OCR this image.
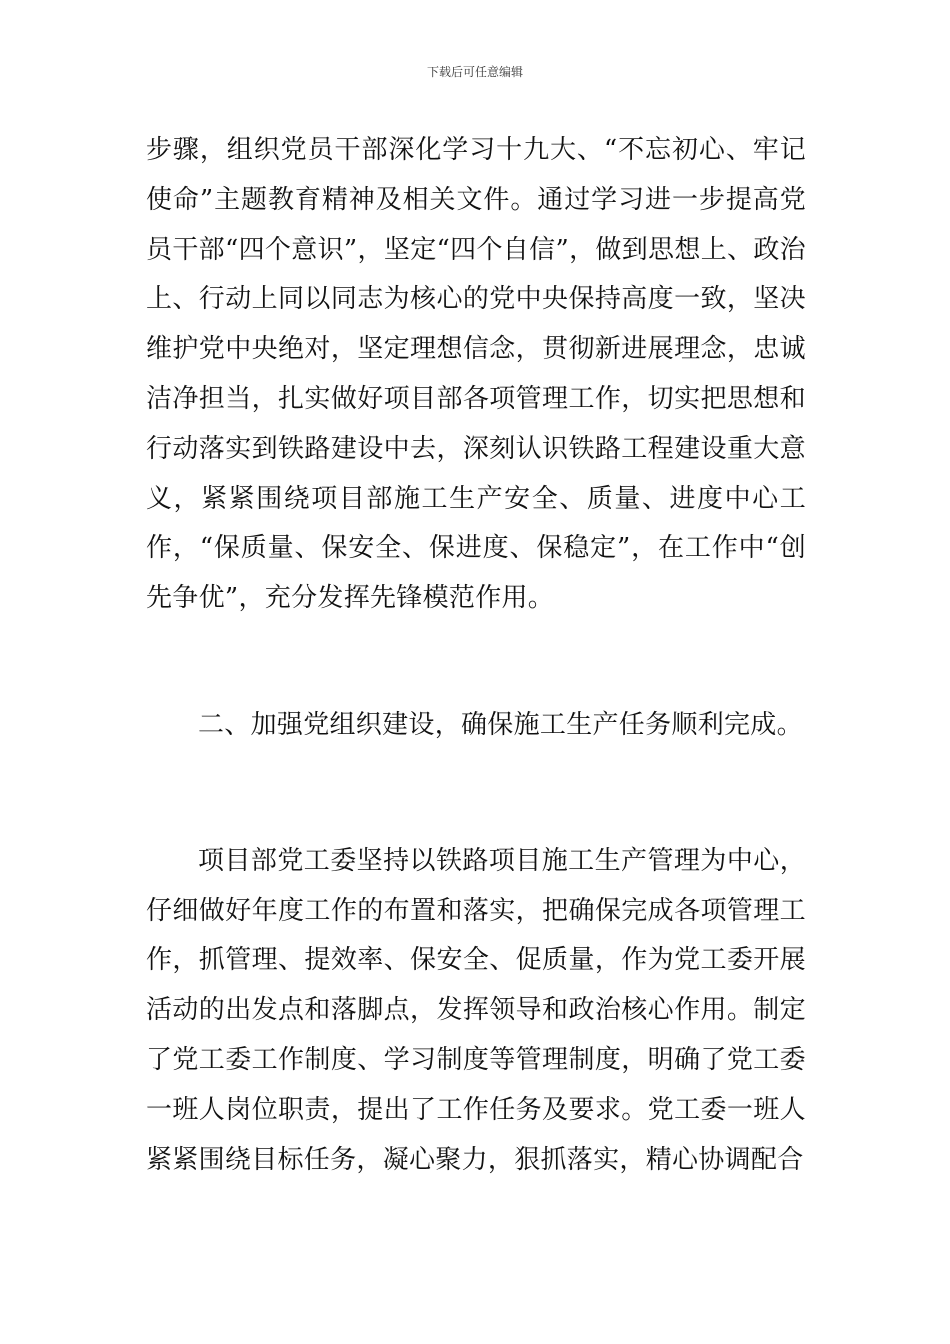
下载后可任意编辑

步骤，组织党员干部深化学习十九大、“不忘初心、牢记使命”主题教育精神及相关文件。通过学习进一步提高党员干部“四个意识”，坚定“四个自信”，做到思想上、政治上、行动上同以同志为核心的党中央保持高度一致，坚决维护党中央绝对，坚定理想信念，贯彻新进展理念，忠诚洁净担当，扎实做好项目部各项管理工作，切实把思想和行动落实到铁路建设中去，深刻认识铁路工程建设重大意义，紧紧围绕项目部施工生产安全、质量、进度中心工作，“保质量、保安全、保进度、保稳定”，在工作中“创先争优”，充分发挥先锋模范作用。

二、加强党组织建设，确保施工生产任务顺利完成。

项目部党工委坚持以铁路项目施工生产管理为中心，仔细做好年度工作的布置和落实，把确保完成各项管理工作，抓管理、提效率、保安全、促质量，作为党工委开展活动的出发点和落脚点，发挥领导和政治核心作用。制定了党工委工作制度、学习制度等管理制度，明确了党工委一班人岗位职责，提出了工作任务及要求。党工委一班人紧紧围绕目标任务，凝心聚力，狠抓落实，精心协调配合
